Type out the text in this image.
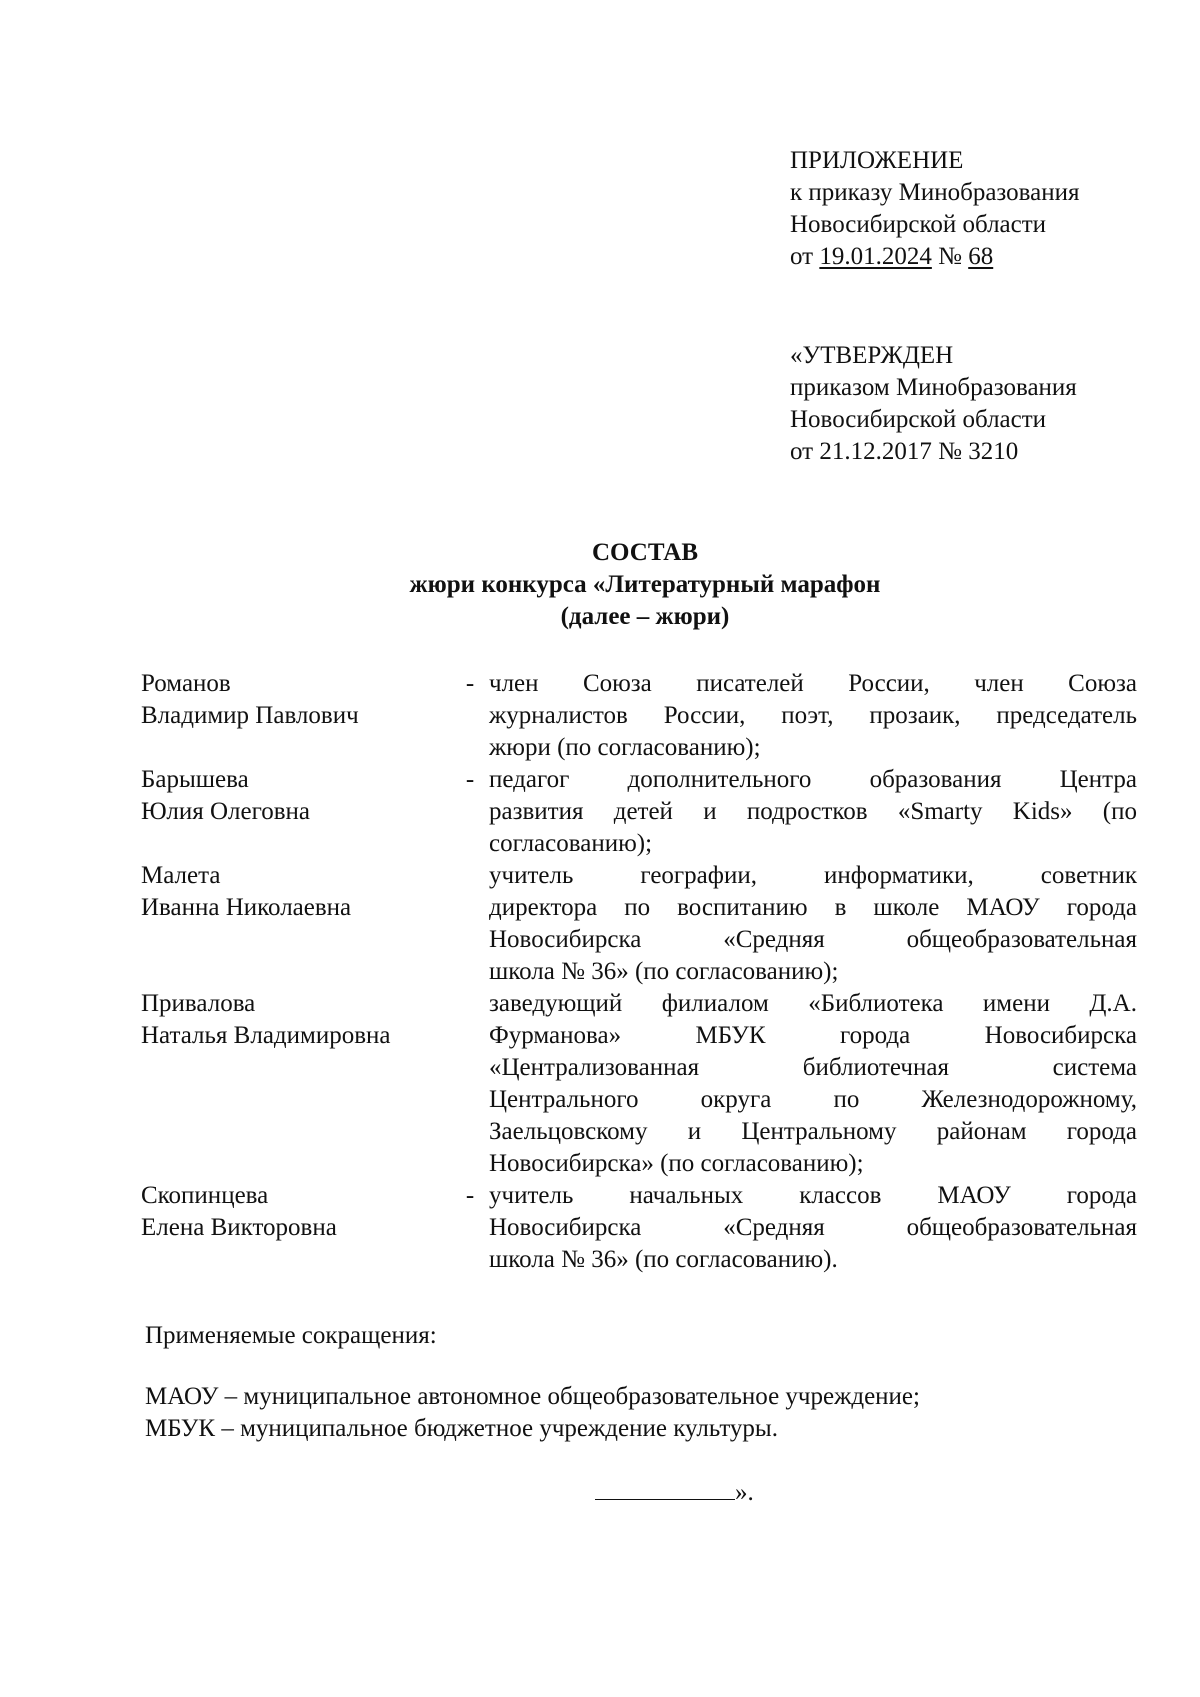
ПРИЛОЖЕНИЕ
к приказу Минобразования
Новосибирской области
от 19.01.2024 № 68
«УТВЕРЖДЕН
приказом Минобразования
Новосибирской области
от 21.12.2017 № 3210
СОСТАВ
жюри конкурса «Литературный марафон
(далее – жюри)
Романов
Владимир Павлович
- член Союза писателей России, член Союза
журналистов России, поэт, прозаик, председатель
жюри (по согласованию);
Барышева
Юлия Олеговна
- педагог дополнительного образования Центра
развития детей и подростков «Smarty Kids» (по
согласованию);
Малета
Иванна Николаевна
учитель географии, информатики, советник
директора по воспитанию в школе МАОУ города
Новосибирска «Средняя общеобразовательная
школа № 36» (по согласованию);
Привалова
Наталья Владимировна
заведующий филиалом «Библиотека имени Д.А.
Фурманова» МБУК города Новосибирска
«Централизованная библиотечная система
Центрального округа по Железнодорожному,
Заельцовскому и Центральному районам города
Новосибирска» (по согласованию);
Скопинцева
Елена Викторовна
- учитель начальных классов МАОУ города
Новосибирска «Средняя общеобразовательная
школа № 36» (по согласованию).
Применяемые сокращения:
МАОУ – муниципальное автономное общеобразовательное учреждение;
МБУК – муниципальное бюджетное учреждение культуры.
».
